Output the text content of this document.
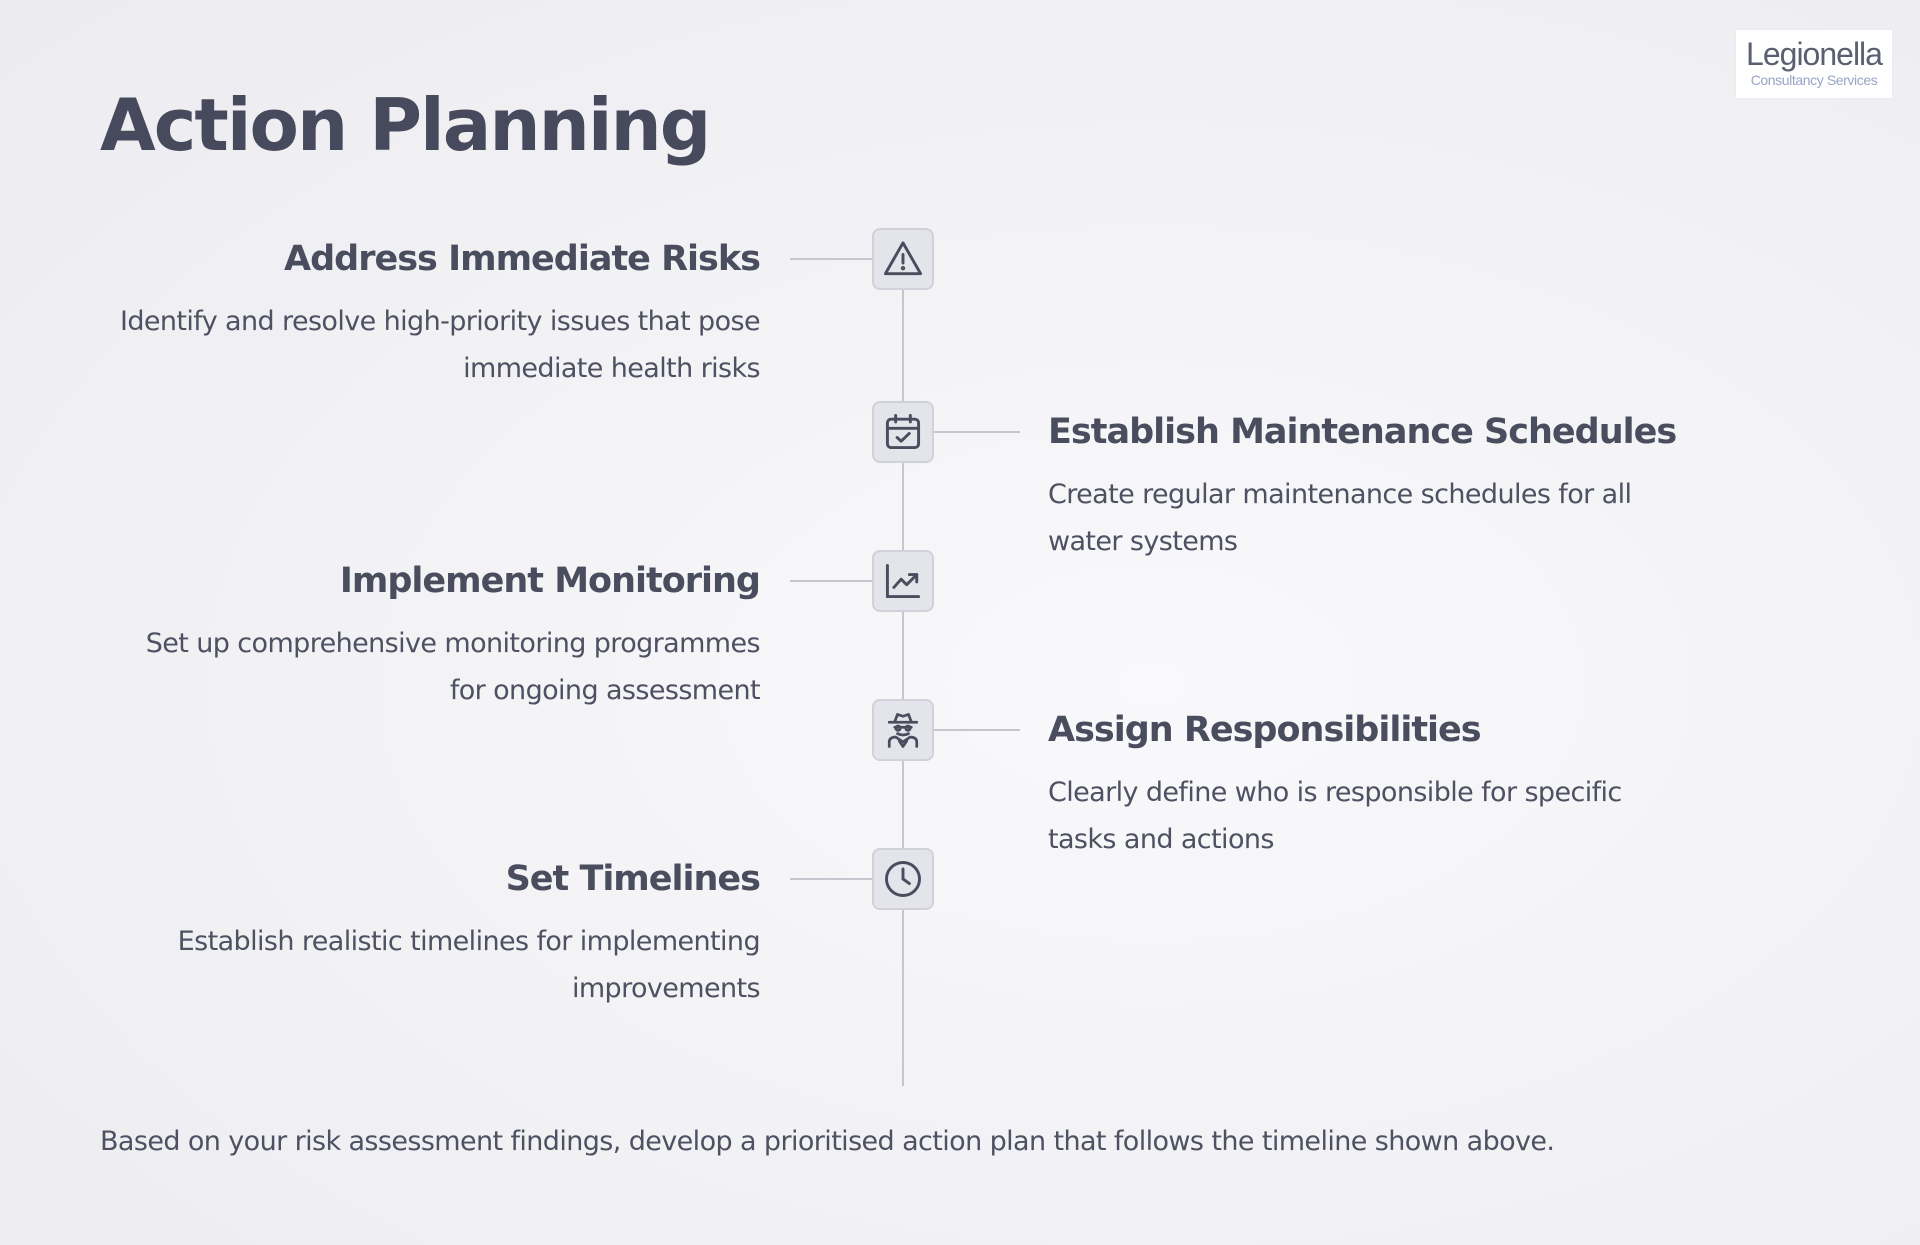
Legionella
Consultancy Services
Action Planning
Address Immediate Risks

Identify and resolve high-priority issues that pose immediate health risks

Establish Maintenance Schedules

Create regular maintenance schedules for all water systems

Implement Monitoring

Set up comprehensive monitoring programmes for ongoing assessment

Assign Responsibilities

Clearly define who is responsible for specific tasks and actions

Set Timelines

Establish realistic timelines for implementing improvements

Based on your risk assessment findings, develop a prioritised action plan that follows the timeline shown above.
